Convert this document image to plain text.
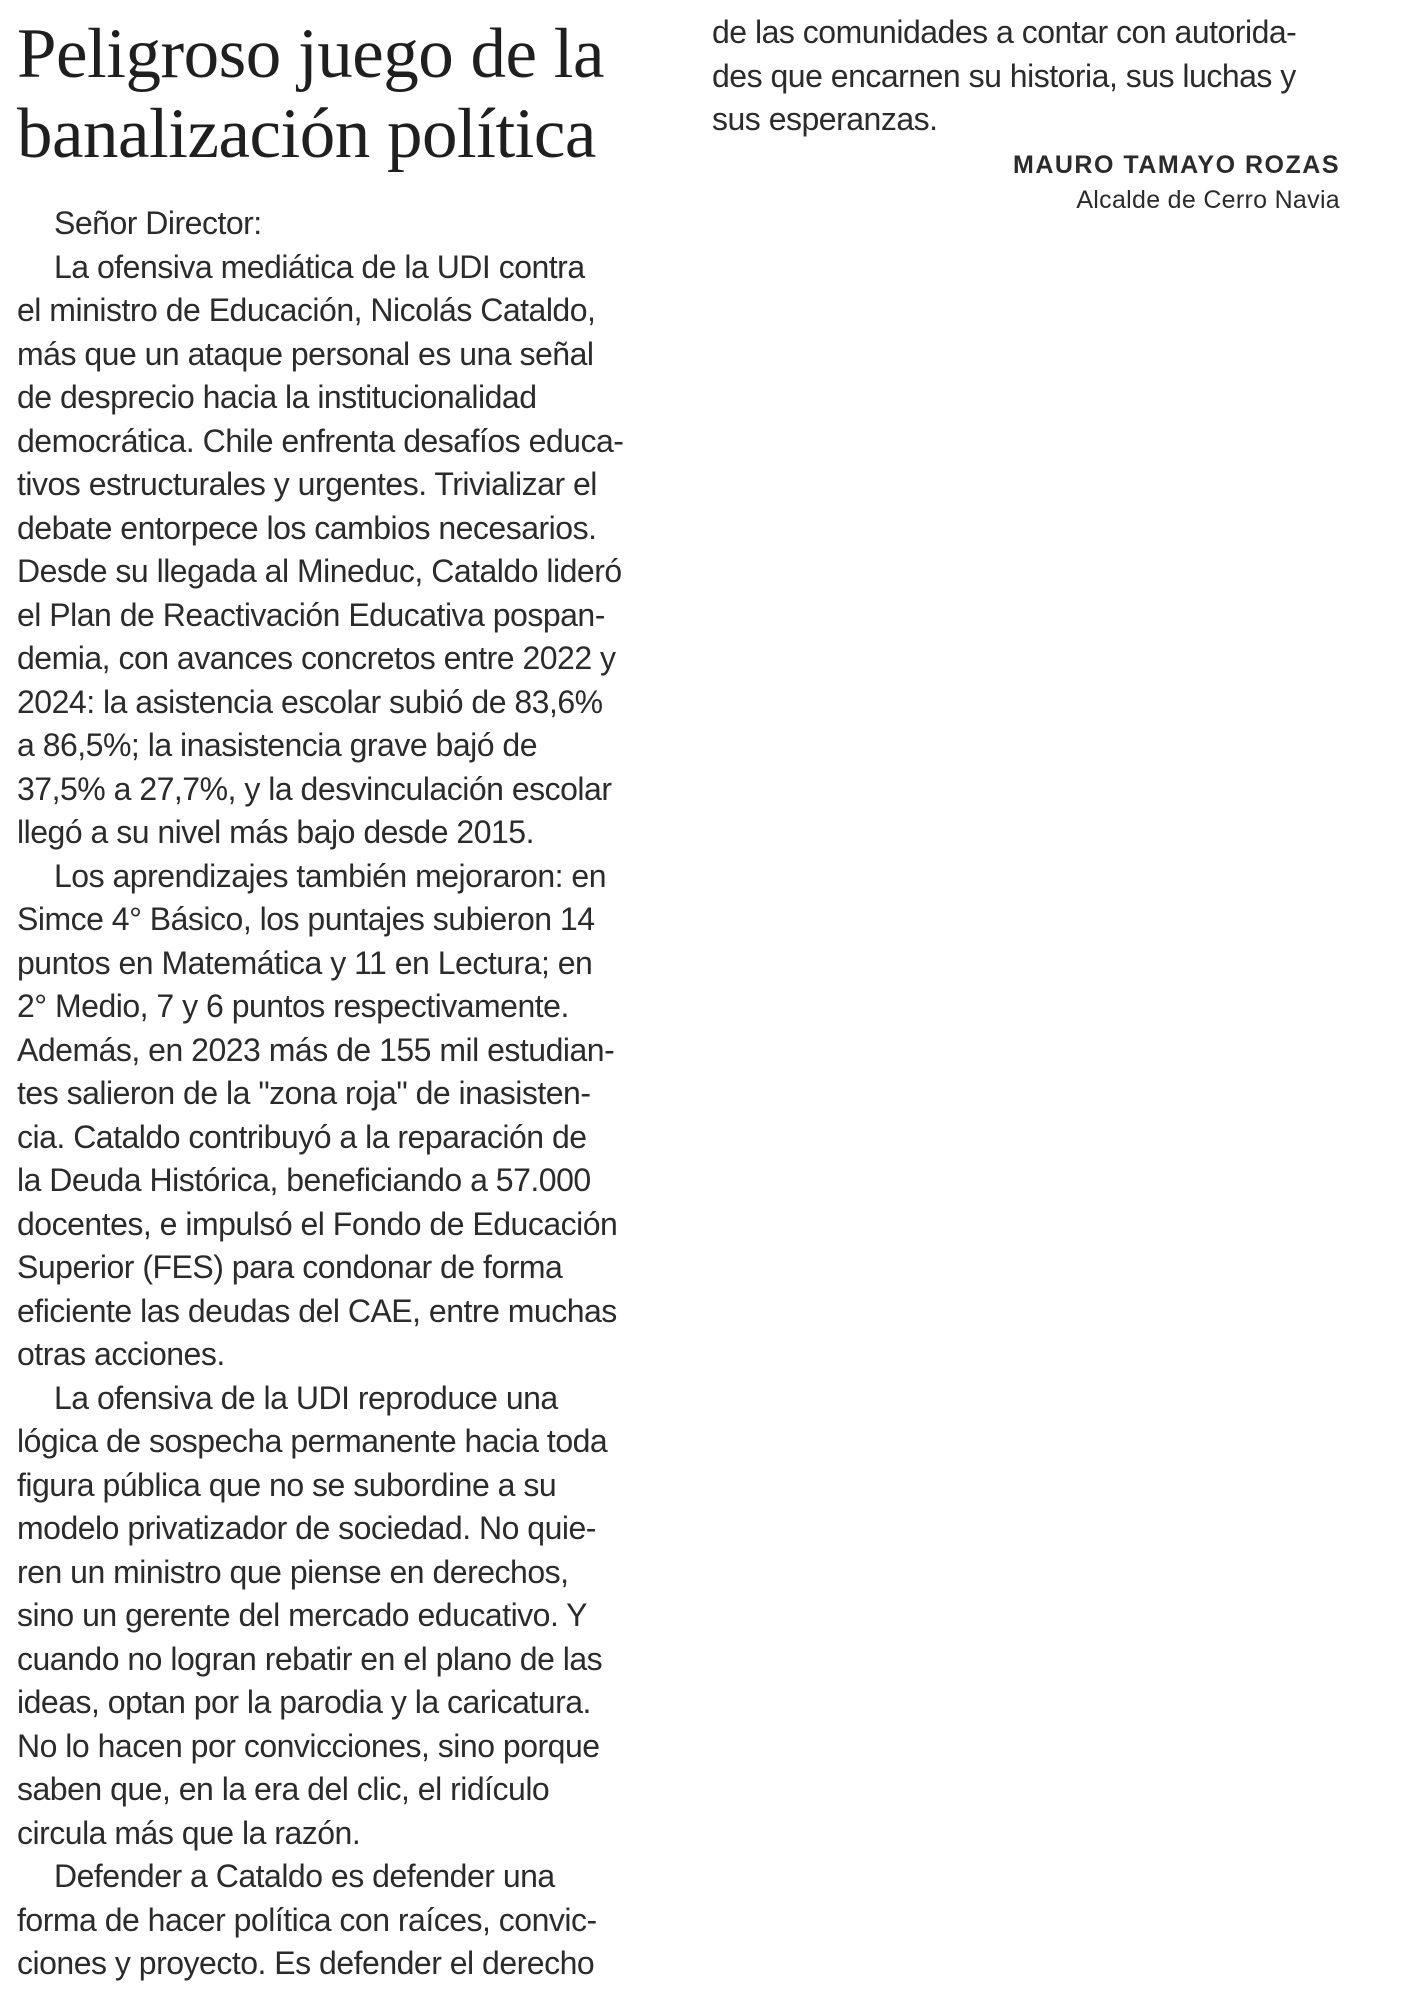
Peligroso juego de la
banalización política
Señor Director:
La ofensiva mediática de la UDI contra
el ministro de Educación, Nicolás Cataldo,
más que un ataque personal es una señal
de desprecio hacia la institucionalidad
democrática. Chile enfrenta desafíos educa-
tivos estructurales y urgentes. Trivializar el
debate entorpece los cambios necesarios.
Desde su llegada al Mineduc, Cataldo lideró
el Plan de Reactivación Educativa pospan-
demia, con avances concretos entre 2022 y
2024: la asistencia escolar subió de 83,6%
a 86,5%; la inasistencia grave bajó de
37,5% a 27,7%, y la desvinculación escolar
llegó a su nivel más bajo desde 2015.
Los aprendizajes también mejoraron: en
Simce 4° Básico, los puntajes subieron 14
puntos en Matemática y 11 en Lectura; en
2° Medio, 7 y 6 puntos respectivamente.
Además, en 2023 más de 155 mil estudian-
tes salieron de la "zona roja" de inasisten-
cia. Cataldo contribuyó a la reparación de
la Deuda Histórica, beneficiando a 57.000
docentes, e impulsó el Fondo de Educación
Superior (FES) para condonar de forma
eficiente las deudas del CAE, entre muchas
otras acciones.
La ofensiva de la UDI reproduce una
lógica de sospecha permanente hacia toda
figura pública que no se subordine a su
modelo privatizador de sociedad. No quie-
ren un ministro que piense en derechos,
sino un gerente del mercado educativo. Y
cuando no logran rebatir en el plano de las
ideas, optan por la parodia y la caricatura.
No lo hacen por convicciones, sino porque
saben que, en la era del clic, el ridículo
circula más que la razón.
Defender a Cataldo es defender una
forma de hacer política con raíces, convic-
ciones y proyecto. Es defender el derecho
de las comunidades a contar con autorida-
des que encarnen su historia, sus luchas y
sus esperanzas.
MAURO TAMAYO ROZAS
Alcalde de Cerro Navia
